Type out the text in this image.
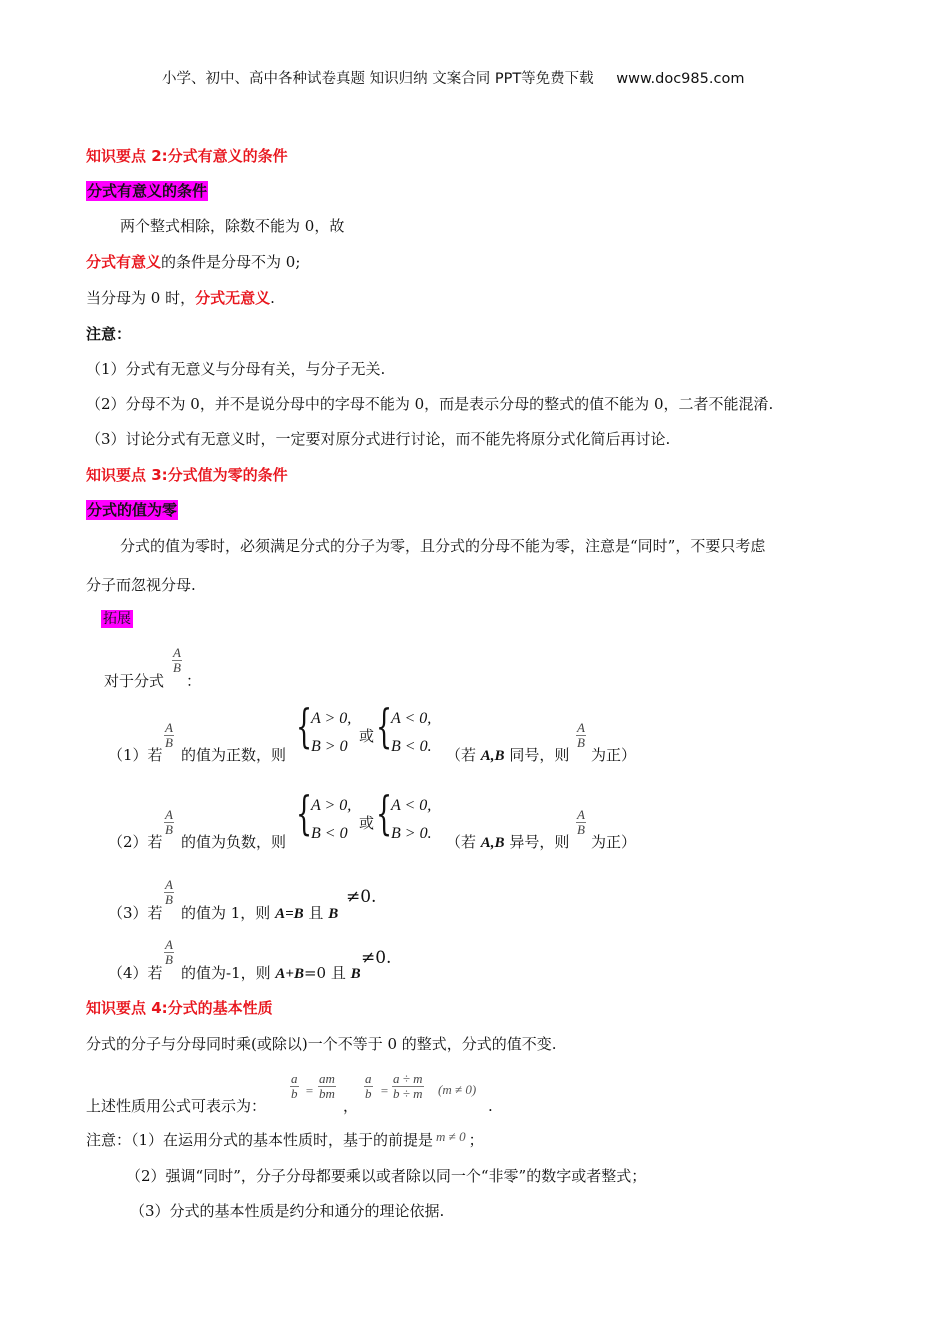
小学、初中、高中各种试卷真题 知识归纳 文案合同 PPT等免费下载 www.doc985.com
知识要点 2:分式有意义的条件
分式有意义的条件
两个整式相除，除数不能为 0，故
分式有意义的条件是分母不为 0;
当分母为 0 时，分式无意义.
注意：
（1）分式有无意义与分母有关，与分子无关.
（2）分母不为 0，并不是说分母中的字母不能为 0，而是表示分母的整式的值不能为 0，二者不能混淆.
（3）讨论分式有无意义时，一定要对原分式进行讨论，而不能先将原分式化简后再讨论.
知识要点 3:分式值为零的条件
分式的值为零
分式的值为零时，必须满足分式的分子为零，且分式的分母不能为零，注意是“同时”，不要只考虑
分子而忽视分母.
拓展
对于分式
$\frac{A}{B}$
：
（1）若
$\frac{A}{B}$
的值为正数，则
{
A > 0,
B > 0
或 {
A < 0,
B < 0. （若 A,B 同号，则
$\frac{A}{B}$
为正）
（2）若
$\frac{A}{B}$
的值为负数，则
{
A > 0,
B < 0
或 {
A < 0,
B > 0. （若 A,B 异号，则
$\frac{A}{B}$
为正）
（3）若
$\frac{A}{B}$
的值为 1，则 A=B 且 B
≠0.
（4）若
$\frac{A}{B}$
的值为-1，则 A+B=0 且 B
≠0.
知识要点 4:分式的基本性质
分式的分子与分母同时乘(或除以)一个不等于 0 的整式，分式的值不变.
上述性质用公式可表示为：
$\frac{a}{b} = \frac{am}{bm}$
，
$\frac{a}{b} = \frac{a \div m}{b \div m} (m \ne 0)$
.
注意：（1）在运用分式的基本性质时，基于的前提是 m ≠ 0 ；
（2）强调“同时”，分子分母都要乘以或者除以同一个“非零”的数字或者整式；
（3）分式的基本性质是约分和通分的理论依据.
